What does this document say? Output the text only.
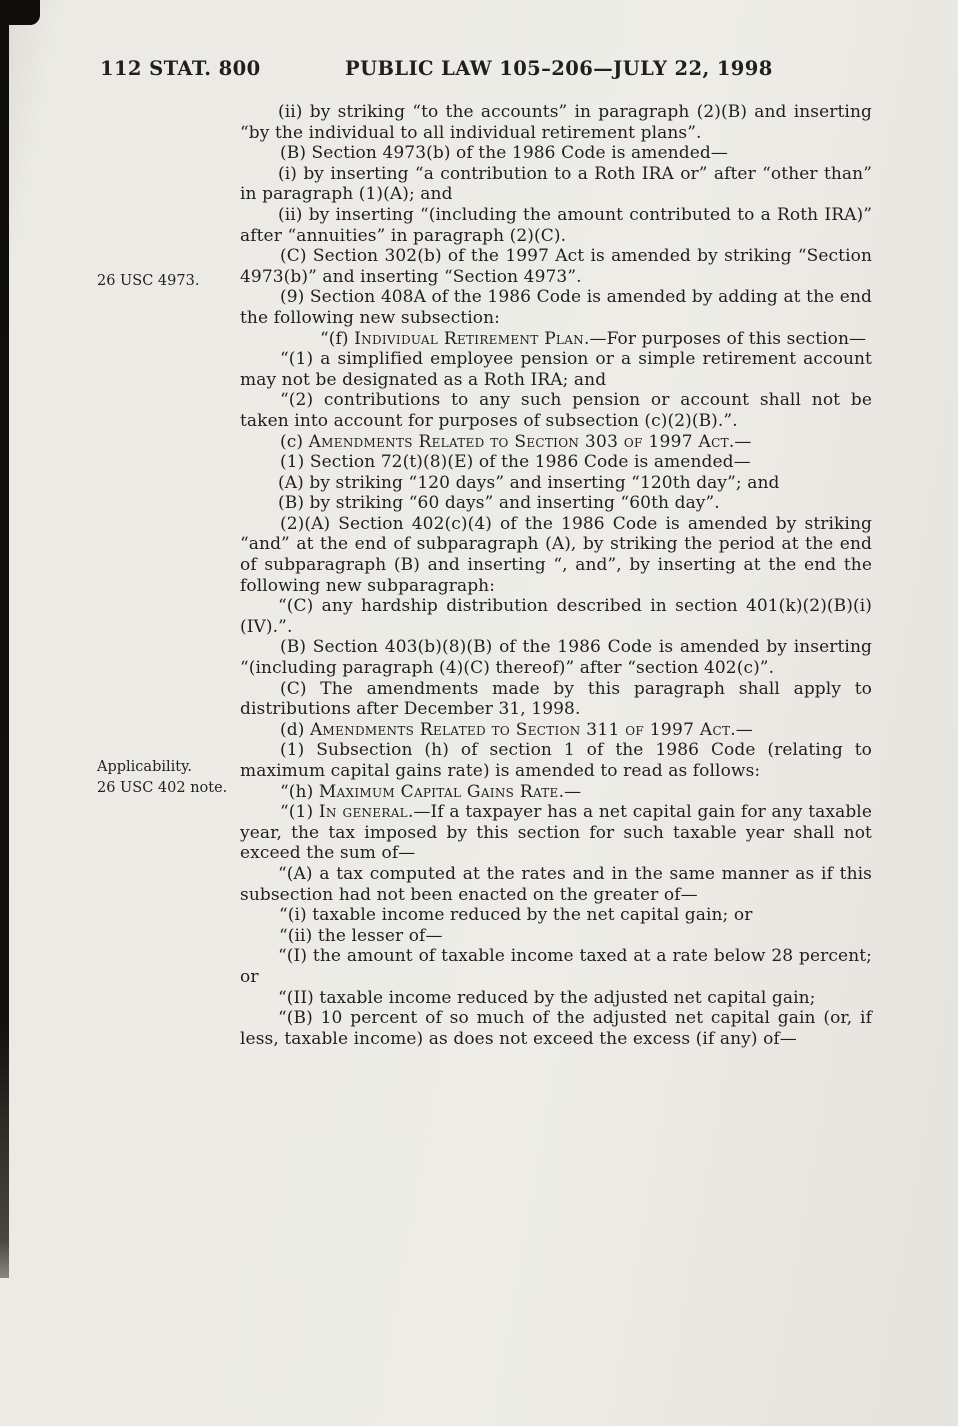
112 STAT. 800	PUBLIC LAW 105–206—JULY 22, 1998
26 USC 4973.
Applicability.
26 USC 402 note.

(ii) by striking “to the accounts” in paragraph (2)(B) and inserting “by the individual to all individual retirement plans”.

(B) Section 4973(b) of the 1986 Code is amended—

(i) by inserting “a contribution to a Roth IRA or” after “other than” in paragraph (1)(A); and

(ii) by inserting “(including the amount contributed to a Roth IRA)” after “annuities” in paragraph (2)(C).

(C) Section 302(b) of the 1997 Act is amended by striking “Section 4973(b)” and inserting “Section 4973”.

(9) Section 408A of the 1986 Code is amended by adding at the end the following new subsection:

“(f) Individual Retirement Plan.—For purposes of this section—

“(1) a simplified employee pension or a simple retirement account may not be designated as a Roth IRA; and

“(2) contributions to any such pension or account shall not be taken into account for purposes of subsection (c)(2)(B).”.

(c) Amendments Related to Section 303 of 1997 Act.—

(1) Section 72(t)(8)(E) of the 1986 Code is amended—

(A) by striking “120 days” and inserting “120th day”; and

(B) by striking “60 days” and inserting “60th day”.

(2)(A) Section 402(c)(4) of the 1986 Code is amended by striking “and” at the end of subparagraph (A), by striking the period at the end of subparagraph (B) and inserting “, and”, by inserting at the end the following new subparagraph:

“(C) any hardship distribution described in section 401(k)(2)(B)(i)(IV).”.

(B) Section 403(b)(8)(B) of the 1986 Code is amended by inserting “(including paragraph (4)(C) thereof)” after “section 402(c)”.

(C) The amendments made by this paragraph shall apply to distributions after December 31, 1998.

(d) Amendments Related to Section 311 of 1997 Act.—

(1) Subsection (h) of section 1 of the 1986 Code (relating to maximum capital gains rate) is amended to read as follows:

“(h) Maximum Capital Gains Rate.—

“(1) In general.—If a taxpayer has a net capital gain for any taxable year, the tax imposed by this section for such taxable year shall not exceed the sum of—

“(A) a tax computed at the rates and in the same manner as if this subsection had not been enacted on the greater of—

“(i) taxable income reduced by the net capital gain; or

“(ii) the lesser of—

“(I) the amount of taxable income taxed at a rate below 28 percent; or

“(II) taxable income reduced by the adjusted net capital gain;

“(B) 10 percent of so much of the adjusted net capital gain (or, if less, taxable income) as does not exceed the excess (if any) of—
